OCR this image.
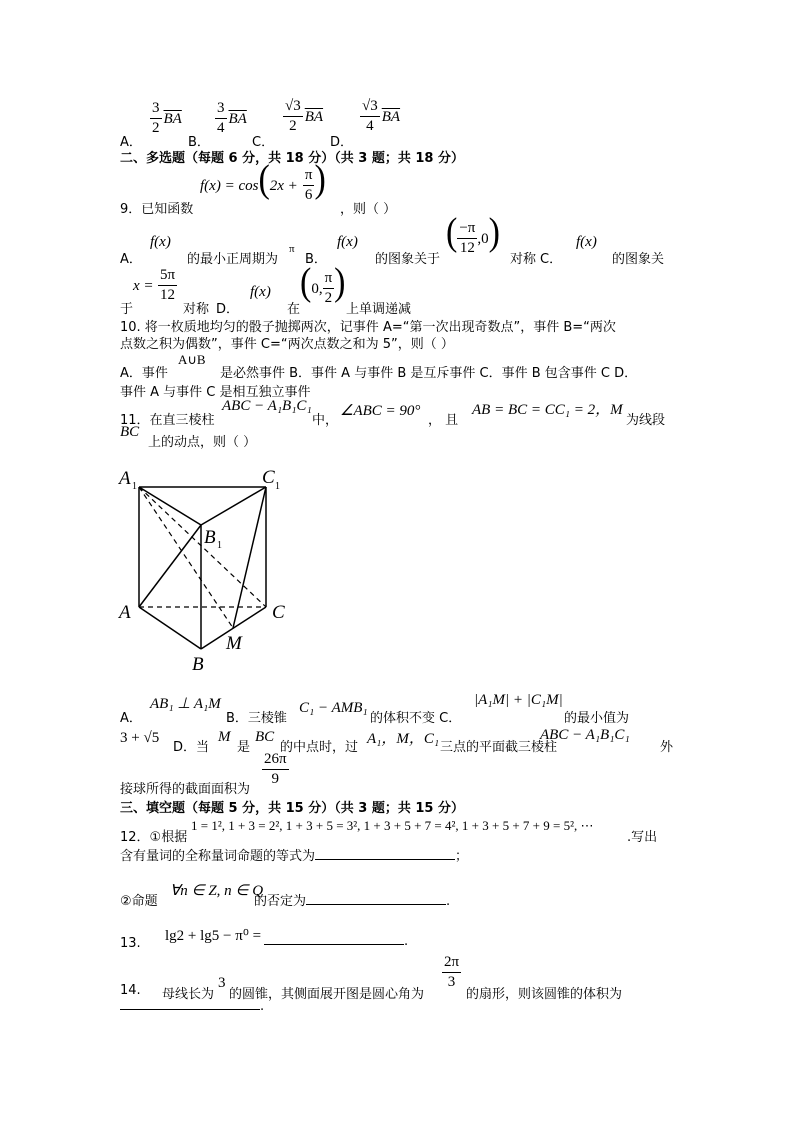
$\frac{3}{2} \overline{BA} \frac{3}{4} \overline{BA} \frac{√3}{2} \overline{BA} \frac{√3}{4} \overline{BA}$
A．	B．	C．	D．
二、多选题（每题 6 分，共 18 分）（共 3 题；共 18 分）
$f(x) = \cos(2x + \frac{\pi}{6}$ )
9．已知函数	，则（ ）
A．
f(x)
的最小正周期为
π
B．
f(x)
的图象关于
( $\frac{-\pi}{12} ,0$)
对称 C．
f(x)
的图象关
于
$x = \frac{5\pi}{12}$
对称 D．
f(x)
在
(0, $\frac{\pi}{2}$ )
上单调递减
10. 将一枚质地均匀的骰子抛掷两次，记事件 A=“第一次出现奇数点”，事件 B=“两次
点数之积为偶数”，事件 C=“两次点数之和为 5”，则（ ）
A．事件
A∪B
是必然事件 B．事件 A 与事件 B 是互斥事件 C．事件 B 包含事件 C D．
事件 A 与事件 C 是相互独立事件
11．在直三棱柱
ABC − A₁B₁C₁
中，
∠ABC = 90°
， 且
AB = BC = CC₁ = 2，M
为线段
BC
上的动点，则（ ）
A 1	C 1
B 1
A	C
M
B
A．
AB₁ ⊥ A₁M
B．三棱锥
C₁ − AMB₁
的体积不变 C．
|A₁M| + |C₁M|
的最小值为
3 + √5
D．当
M
是
BC
的中点时，过
A₁，M，C₁
三点的平面截三棱柱
ABC − A₁B₁C₁
外
接球所得的截面面积为
$\frac{26\pi}{9}$
三、填空题（每题 5 分，共 15 分）（共 3 题；共 15 分）
12．①根据
1 = 1², 1 + 3 = 2², 1 + 3 + 5 = 3², 1 + 3 + 5 + 7 = 4², 1 + 3 + 5 + 7 + 9 = 5², ⋯
.写出
含有量词的全称量词命题的等式为	；
②命题
∀n ∈ Z, n ∈ Q
的否定为	.
13. lg2 + lg5 − π⁰ =	.
14. 母线长为
3
的圆锥，其侧面展开图是圆心角为
$\frac{2\pi}{3}$
的扇形，则该圆锥的体积为
.
